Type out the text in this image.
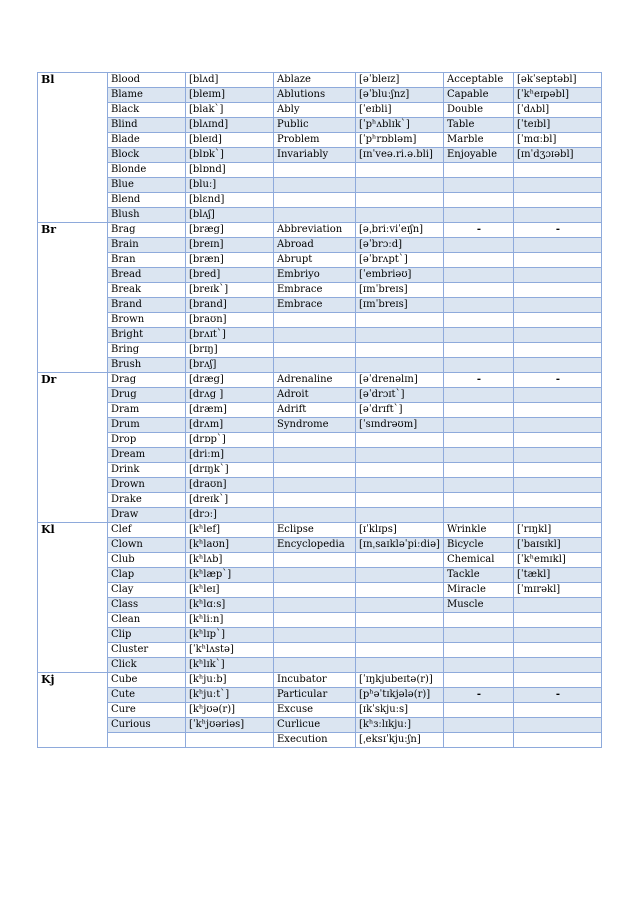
Bl	Blood	[blʌd]	Ablaze	[əˈbleɪz]	Acceptable	[əkˈseptəbl]
	Blame	[bleɪm]	Ablutions	[əˈbluːʃnz]	Capable	[ˈkʰeɪpəbl]
	Black	[blak`]	Ably	[ˈeɪbli]	Double	[ˈdʌbl]
	Blind	[blʌɪnd]	Public	[ˈpʰʌblɪk`]	Table	[ˈteɪbl]
	Blade	[bleɪd]	Problem	[ˈpʰrɒbləm]	Marble	[ˈmɑːbl]
	Block	[blɒk`]	Invariably	[ɪnˈveə.ri.ə.bli]	Enjoyable	[ɪnˈdʒɔɪəbl]
	Blonde	[blɒnd]				
	Blue	[bluː]				
	Blend	[blɛnd]				
	Blush	[blʌʃ]				
Br	Brag	[bræg]	Abbreviation	[əˌbriːviˈeɪʃn]	-	-
	Brain	[breɪn]	Abroad	[əˈbrɔːd]		
	Bran	[bræn]	Abrupt	[əˈbrʌpt`]		
	Bread	[bred]	Embriyo	[ˈembriəʊ]		
	Break	[breɪk`]	Embrace	[ɪmˈbreɪs]		
	Brand	[brand]	Embrace	[ɪmˈbreɪs]		
	Brown	[braʊn]				
	Bright	[brʌɪt`]				
	Bring	[brɪŋ]				
	Brush	[brʌʃ]				
Dr	Drag	[dræg]	Adrenaline	[əˈdrenəlɪn]	-	-
	Drug	[drʌg ]	Adroit	[əˈdrɔɪt`]		
	Dram	[dræm]	Adrift	[əˈdrɪft`]		
	Drum	[drʌm]	Syndrome	[ˈsɪndrəʊm]		
	Drop	[drɒp`]				
	Dream	[driːm]				
	Drink	[drɪŋk`]				
	Drown	[draʊn]				
	Drake	[dreɪk`]				
	Draw	[drɔː]				
Kl	Clef	[kʰlef]	Eclipse	[ɪˈklɪps]	Wrinkle	[ˈrɪŋkl]
	Clown	[kʰlaʊn]	Encyclopedia	[ɪnˌsaɪkləˈpiːdiə]	Bicycle	[ˈbaɪsɪkl]
	Club	[kʰlʌb]			Chemical	[ˈkʰemɪkl]
	Clap	[kʰlæp`]			Tackle	[ˈtækl]
	Clay	[kʰleɪ]			Miracle	[ˈmɪrəkl]
	Class	[kʰlɑːs]			Muscle	
	Clean	[kʰliːn]				
	Clip	[kʰlɪp`]				
	Cluster	[ˈkʰlʌstə]				
	Click	[kʰlɪk`]				
Kj	Cube	[kʰjuːb]	Incubator	[ˈɪŋkjubeɪtə(r)]		
	Cute	[kʰjuːt`]	Particular	[pʰəˈtɪkjələ(r)]	-	-
	Cure	[kʰjʊə(r)]	Excuse	[ɪkˈskjuːs]		
	Curious	[ˈkʰjʊəriəs]	Curlicue	[kʰɜːlɪkjuː]		
			Execution	[ˌeksɪˈkjuːʃn]		
